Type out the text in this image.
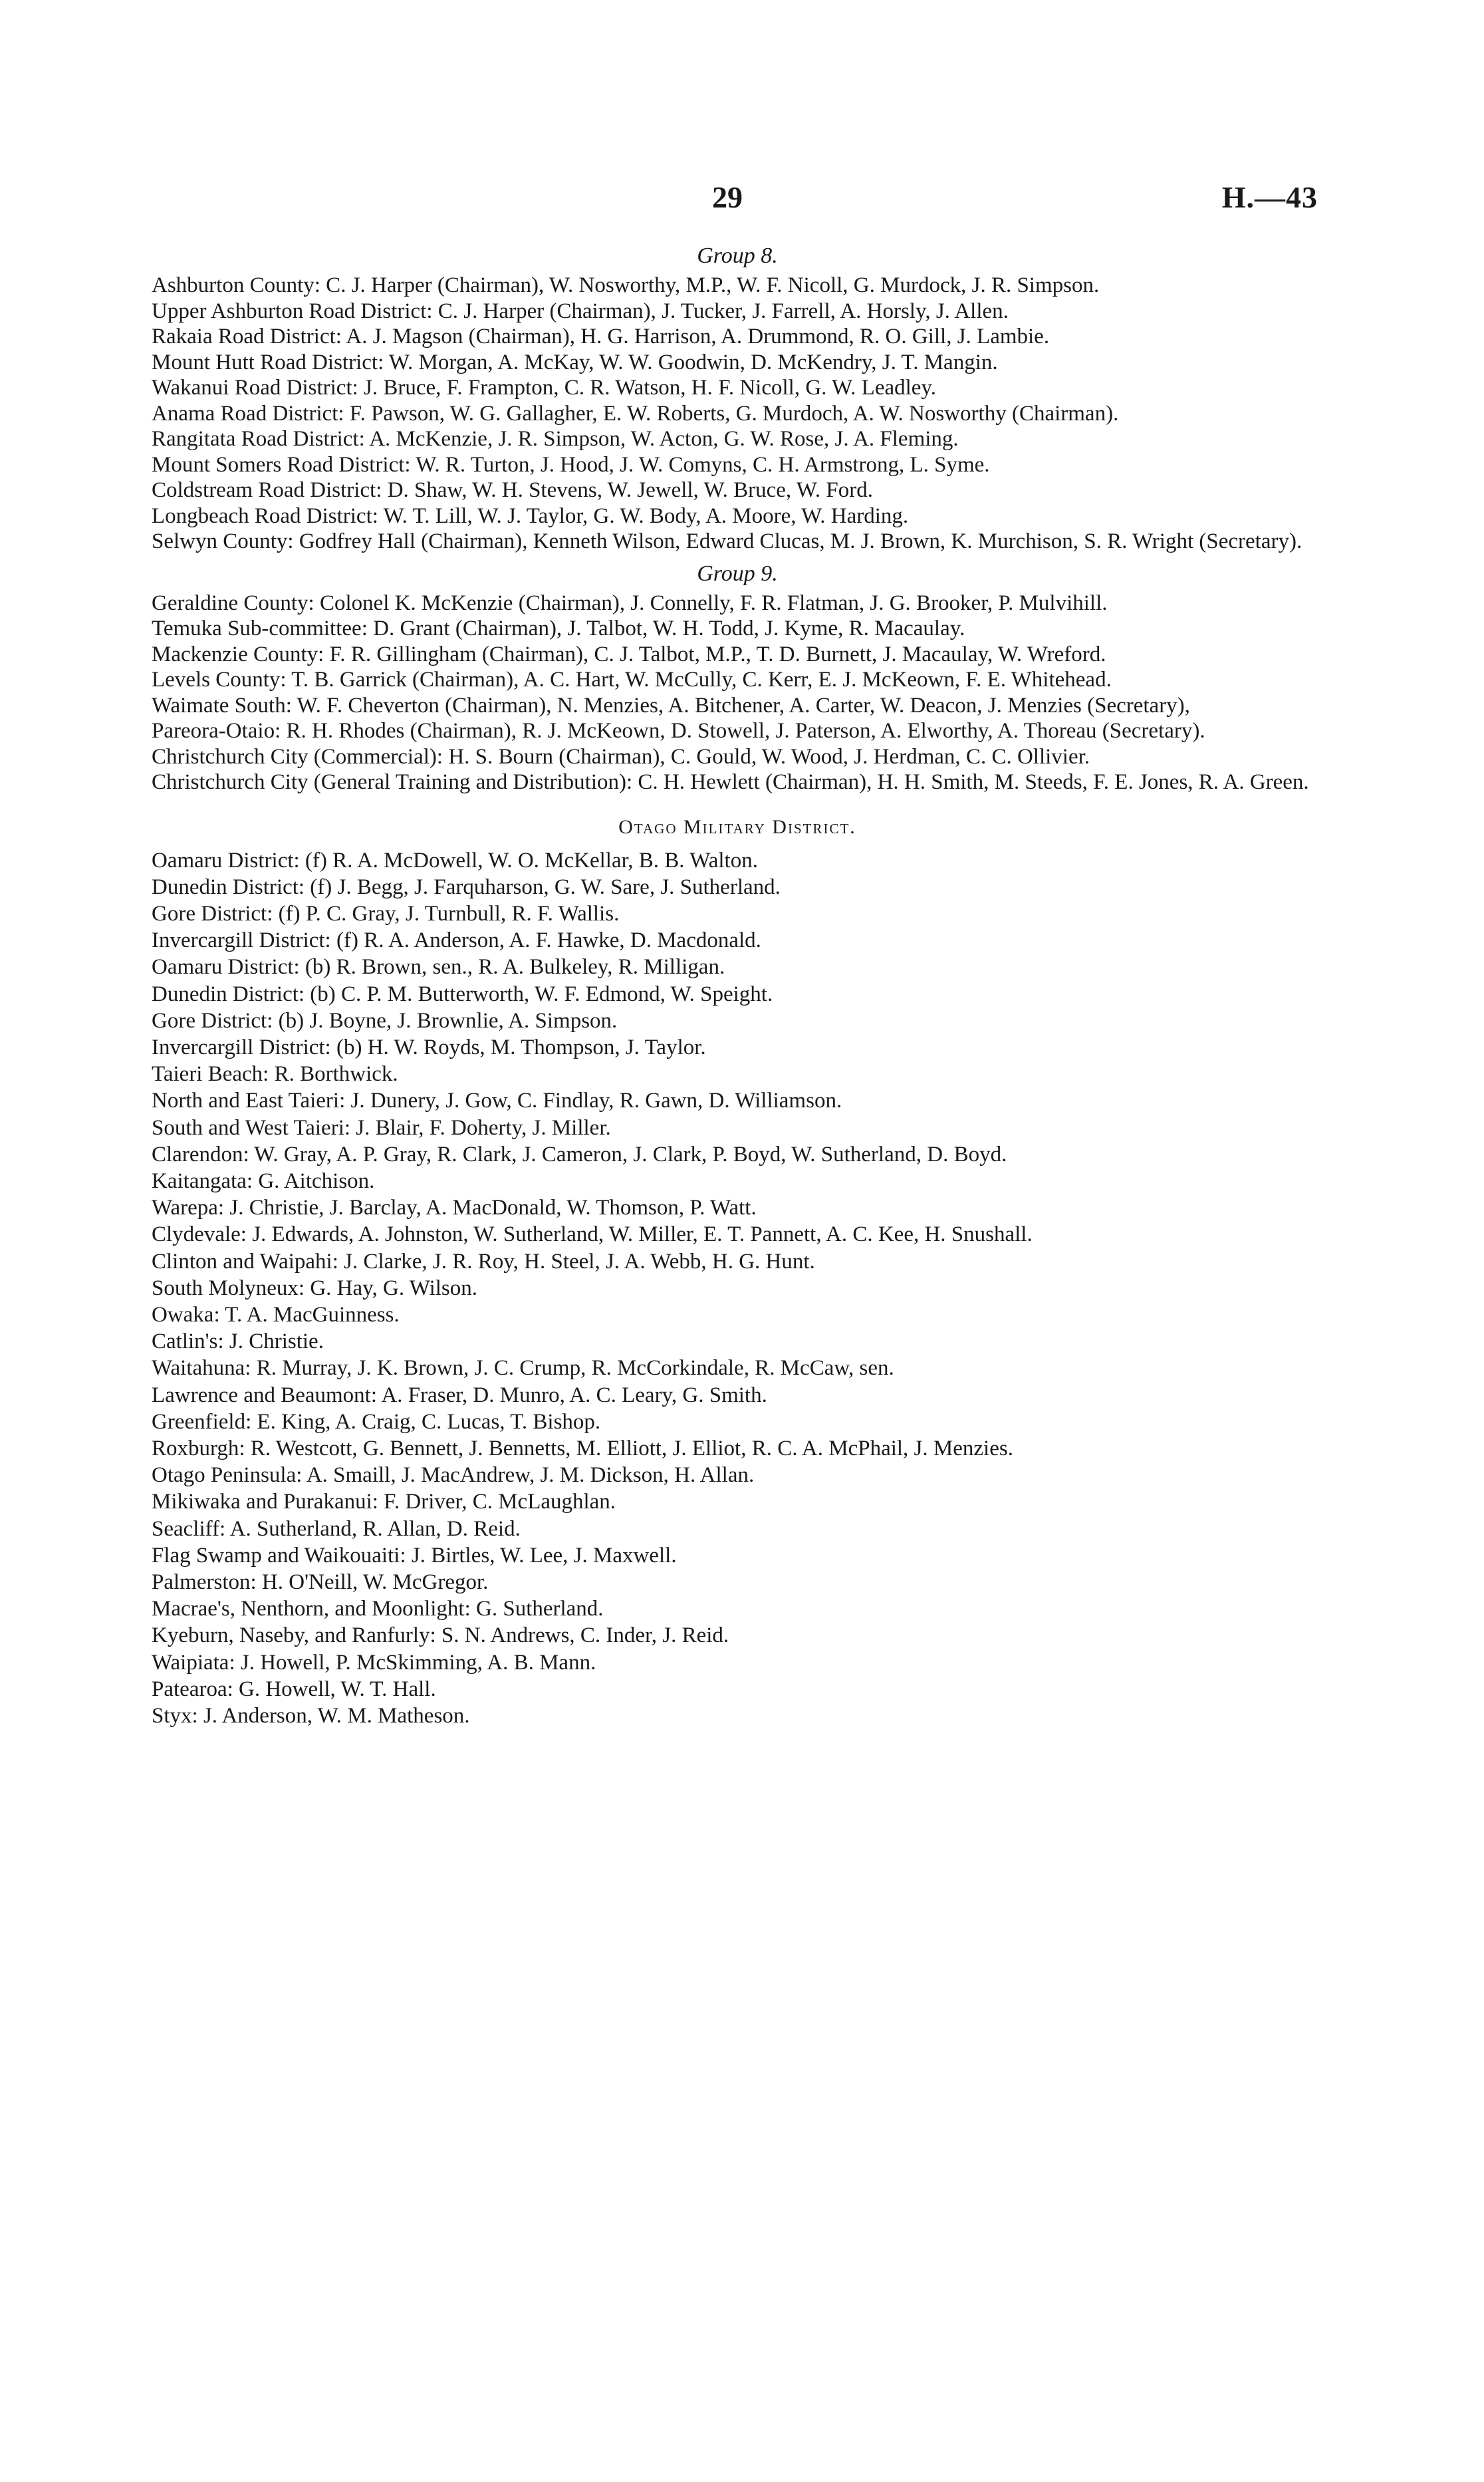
29	H.—43
Group 8.
Ashburton County: C. J. Harper (Chairman), W. Nosworthy, M.P., W. F. Nicoll, G. Murdock, J. R. Simpson.
Upper Ashburton Road District: C. J. Harper (Chairman), J. Tucker, J. Farrell, A. Horsly, J. Allen.
Rakaia Road District: A. J. Magson (Chairman), H. G. Harrison, A. Drummond, R. O. Gill, J. Lambie.
Mount Hutt Road District: W. Morgan, A. McKay, W. W. Goodwin, D. McKendry, J. T. Mangin.
Wakanui Road District: J. Bruce, F. Frampton, C. R. Watson, H. F. Nicoll, G. W. Leadley.
Anama Road District: F. Pawson, W. G. Gallagher, E. W. Roberts, G. Murdoch, A. W. Nosworthy (Chairman).
Rangitata Road District: A. McKenzie, J. R. Simpson, W. Acton, G. W. Rose, J. A. Fleming.
Mount Somers Road District: W. R. Turton, J. Hood, J. W. Comyns, C. H. Armstrong, L. Syme.
Coldstream Road District: D. Shaw, W. H. Stevens, W. Jewell, W. Bruce, W. Ford.
Longbeach Road District: W. T. Lill, W. J. Taylor, G. W. Body, A. Moore, W. Harding.
Selwyn County: Godfrey Hall (Chairman), Kenneth Wilson, Edward Clucas, M. J. Brown, K. Murchison, S. R. Wright (Secretary).
Group 9.
Geraldine County: Colonel K. McKenzie (Chairman), J. Connelly, F. R. Flatman, J. G. Brooker, P. Mulvihill.
Temuka Sub-committee: D. Grant (Chairman), J. Talbot, W. H. Todd, J. Kyme, R. Macaulay.
Mackenzie County: F. R. Gillingham (Chairman), C. J. Talbot, M.P., T. D. Burnett, J. Macaulay, W. Wreford.
Levels County: T. B. Garrick (Chairman), A. C. Hart, W. McCully, C. Kerr, E. J. McKeown, F. E. Whitehead.
Waimate South: W. F. Cheverton (Chairman), N. Menzies, A. Bitchener, A. Carter, W. Deacon, J. Menzies (Secretary),
Pareora-Otaio: R. H. Rhodes (Chairman), R. J. McKeown, D. Stowell, J. Paterson, A. Elworthy, A. Thoreau (Secretary).
Christchurch City (Commercial): H. S. Bourn (Chairman), C. Gould, W. Wood, J. Herdman, C. C. Ollivier.
Christchurch City (General Training and Distribution): C. H. Hewlett (Chairman), H. H. Smith, M. Steeds, F. E. Jones, R. A. Green.
Otago Military District.
Oamaru District: (f) R. A. McDowell, W. O. McKellar, B. B. Walton.
Dunedin District: (f) J. Begg, J. Farquharson, G. W. Sare, J. Sutherland.
Gore District: (f) P. C. Gray, J. Turnbull, R. F. Wallis.
Invercargill District: (f) R. A. Anderson, A. F. Hawke, D. Macdonald.
Oamaru District: (b) R. Brown, sen., R. A. Bulkeley, R. Milligan.
Dunedin District: (b) C. P. M. Butterworth, W. F. Edmond, W. Speight.
Gore District: (b) J. Boyne, J. Brownlie, A. Simpson.
Invercargill District: (b) H. W. Royds, M. Thompson, J. Taylor.
Taieri Beach: R. Borthwick.
North and East Taieri: J. Dunery, J. Gow, C. Findlay, R. Gawn, D. Williamson.
South and West Taieri: J. Blair, F. Doherty, J. Miller.
Clarendon: W. Gray, A. P. Gray, R. Clark, J. Cameron, J. Clark, P. Boyd, W. Sutherland, D. Boyd.
Kaitangata: G. Aitchison.
Warepa: J. Christie, J. Barclay, A. MacDonald, W. Thomson, P. Watt.
Clydevale: J. Edwards, A. Johnston, W. Sutherland, W. Miller, E. T. Pannett, A. C. Kee, H. Snushall.
Clinton and Waipahi: J. Clarke, J. R. Roy, H. Steel, J. A. Webb, H. G. Hunt.
South Molyneux: G. Hay, G. Wilson.
Owaka: T. A. MacGuinness.
Catlin's: J. Christie.
Waitahuna: R. Murray, J. K. Brown, J. C. Crump, R. McCorkindale, R. McCaw, sen.
Lawrence and Beaumont: A. Fraser, D. Munro, A. C. Leary, G. Smith.
Greenfield: E. King, A. Craig, C. Lucas, T. Bishop.
Roxburgh: R. Westcott, G. Bennett, J. Bennetts, M. Elliott, J. Elliot, R. C. A. McPhail, J. Menzies.
Otago Peninsula: A. Smaill, J. MacAndrew, J. M. Dickson, H. Allan.
Mikiwaka and Purakanui: F. Driver, C. McLaughlan.
Seacliff: A. Sutherland, R. Allan, D. Reid.
Flag Swamp and Waikouaiti: J. Birtles, W. Lee, J. Maxwell.
Palmerston: H. O'Neill, W. McGregor.
Macrae's, Nenthorn, and Moonlight: G. Sutherland.
Kyeburn, Naseby, and Ranfurly: S. N. Andrews, C. Inder, J. Reid.
Waipiata: J. Howell, P. McSkimming, A. B. Mann.
Patearoa: G. Howell, W. T. Hall.
Styx: J. Anderson, W. M. Matheson.
